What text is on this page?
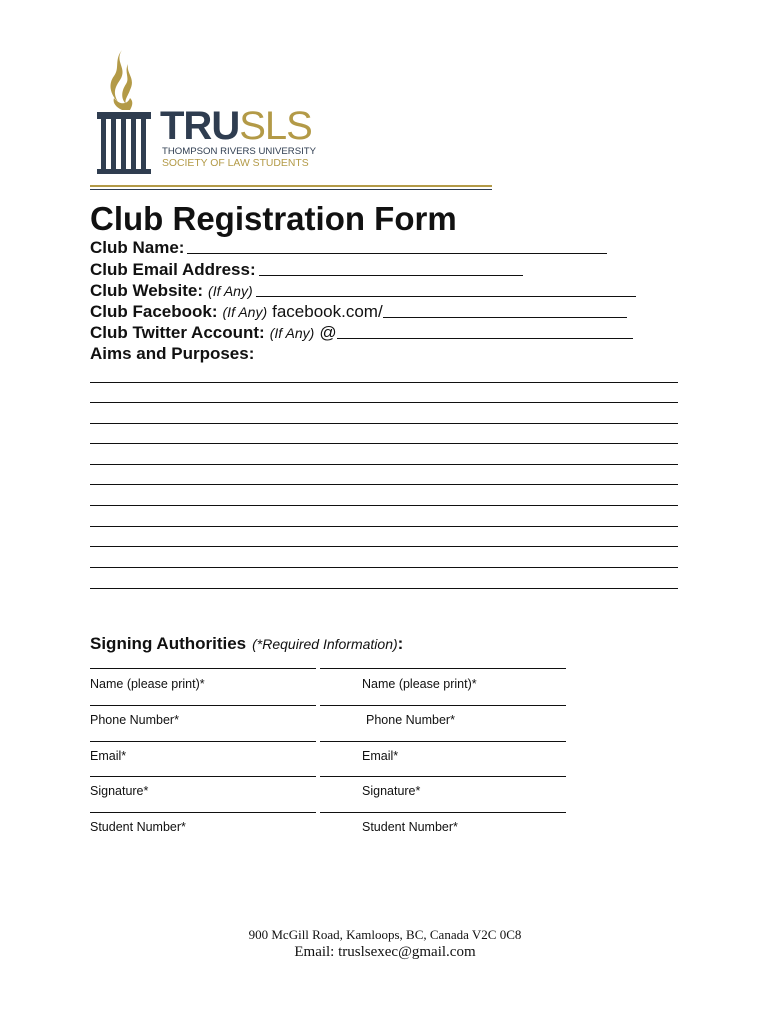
TRUSLS
THOMPSON RIVERS UNIVERSITY
SOCIETY OF LAW STUDENTS
Club Registration Form
Club Name:
Club Email Address:
Club Website: (If Any)
Club Facebook: (If Any) facebook.com/
Club Twitter Account: (If Any) @
Aims and Purposes:
Signing Authorities (*Required Information):
Name (please print)*	Name (please print)*
Phone Number*	Phone Number*
Email*	Email*
Signature*	Signature*
Student Number*	Student Number*
900 McGill Road, Kamloops, BC, Canada V2C 0C8
Email: truslsexec@gmail.com
